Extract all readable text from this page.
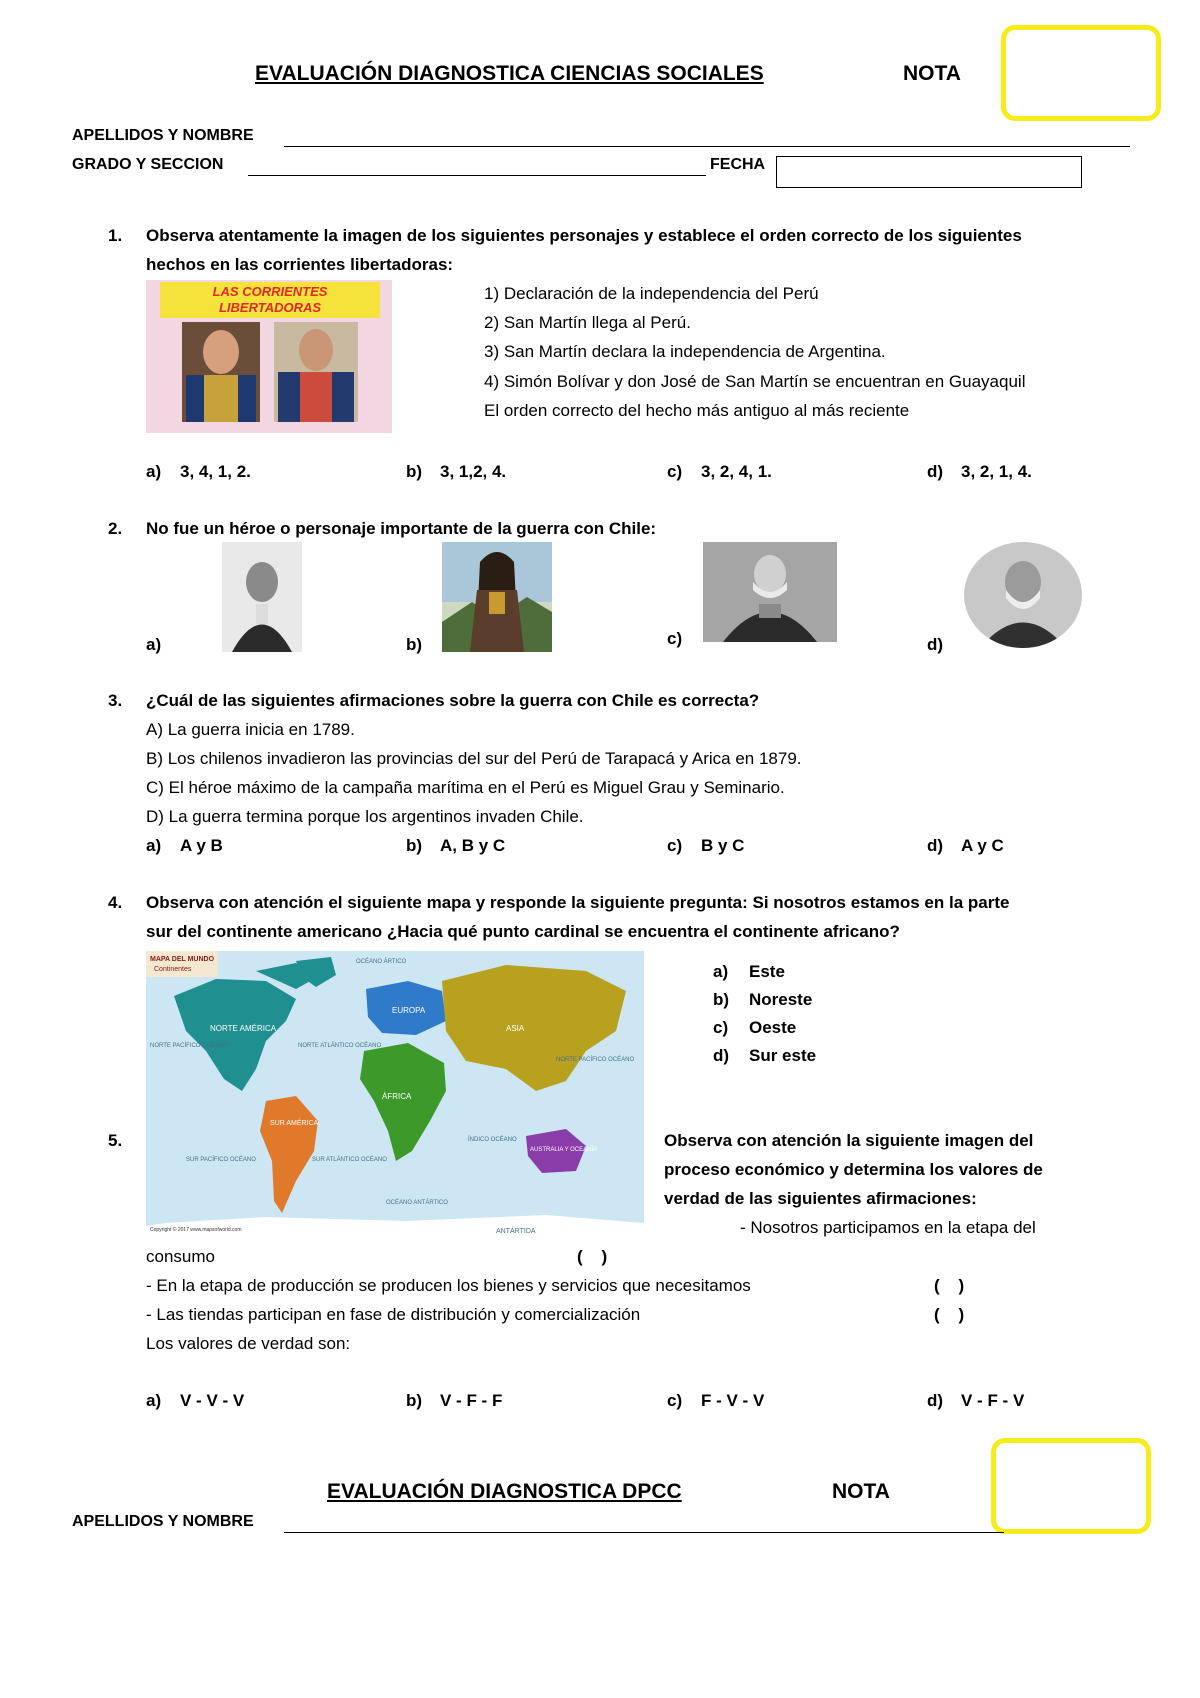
EVALUACIÓN DIAGNOSTICA CIENCIAS SOCIALES	NOTA
APELLIDOS Y NOMBRE
GRADO Y SECCION	FECHA
1. Observa atentamente la imagen de los siguientes personajes y establece el orden correcto de los siguientes
hechos en las corrientes libertadoras:
LAS CORRIENTES
LIBERTADORAS
1) Declaración de la independencia del Perú
2) San Martín llega al Perú.
3) San Martín declara la independencia de Argentina.
4) Simón Bolívar y don José de San Martín se encuentran en Guayaquil
El orden correcto del hecho más antiguo al más reciente
a) 3, 4, 1, 2.	b) 3, 1,2, 4.	c) 3, 2, 4, 1.	d) 3, 2, 1, 4.
2. No fue un héroe o personaje importante de la guerra con Chile:
a)	b)	c)	d)
3. ¿Cuál de las siguientes afirmaciones sobre la guerra con Chile es correcta?
A) La guerra inicia en 1789.
B) Los chilenos invadieron las provincias del sur del Perú de Tarapacá y Arica en 1879.
C) El héroe máximo de la campaña marítima en el Perú es Miguel Grau y Seminario.
D) La guerra termina porque los argentinos invaden Chile.
a) A y B	b) A, B y C	c) B y C	d) A y C
4. Observa con atención el siguiente mapa y responde la siguiente pregunta: Si nosotros estamos en la parte
sur del continente americano ¿Hacia qué punto cardinal se encuentra el continente africano?
MAPA DEL MUNDO
Continentes
NORTE AMÉRICA
EUROPA
ASIA
ÁFRICA
SUR AMÉRICA
AUSTRALIA Y OCEANÍA
OCÉANO ÁRTICO
NORTE PACÍFICO OCÉANO	NORTE ATLÁNTICO OCÉANO
SUR PACÍFICO OCÉANO	SUR ATLÁNTICO OCÉANO
ÍNDICO OCÉANO
NORTE PACÍFICO OCÉANO
OCÉANO ANTÁRTICO
ANTÁRTIDA
Copyright © 2017 www.mapsofworld.com
a) Este
b) Noreste
c) Oeste
d) Sur este
5.	Observa con atención la siguiente imagen del
proceso económico y determina los valores de
verdad de las siguientes afirmaciones:
- Nosotros participamos en la etapa del
consumo	(    )
- En la etapa de producción se producen los bienes y servicios que necesitamos	(    )
- Las tiendas participan en fase de distribución y comercialización	(    )
Los valores de verdad son:
a) V - V - V	b) V - F - F	c) F - V - V	d) V - F - V
EVALUACIÓN DIAGNOSTICA DPCC	NOTA
APELLIDOS Y NOMBRE
